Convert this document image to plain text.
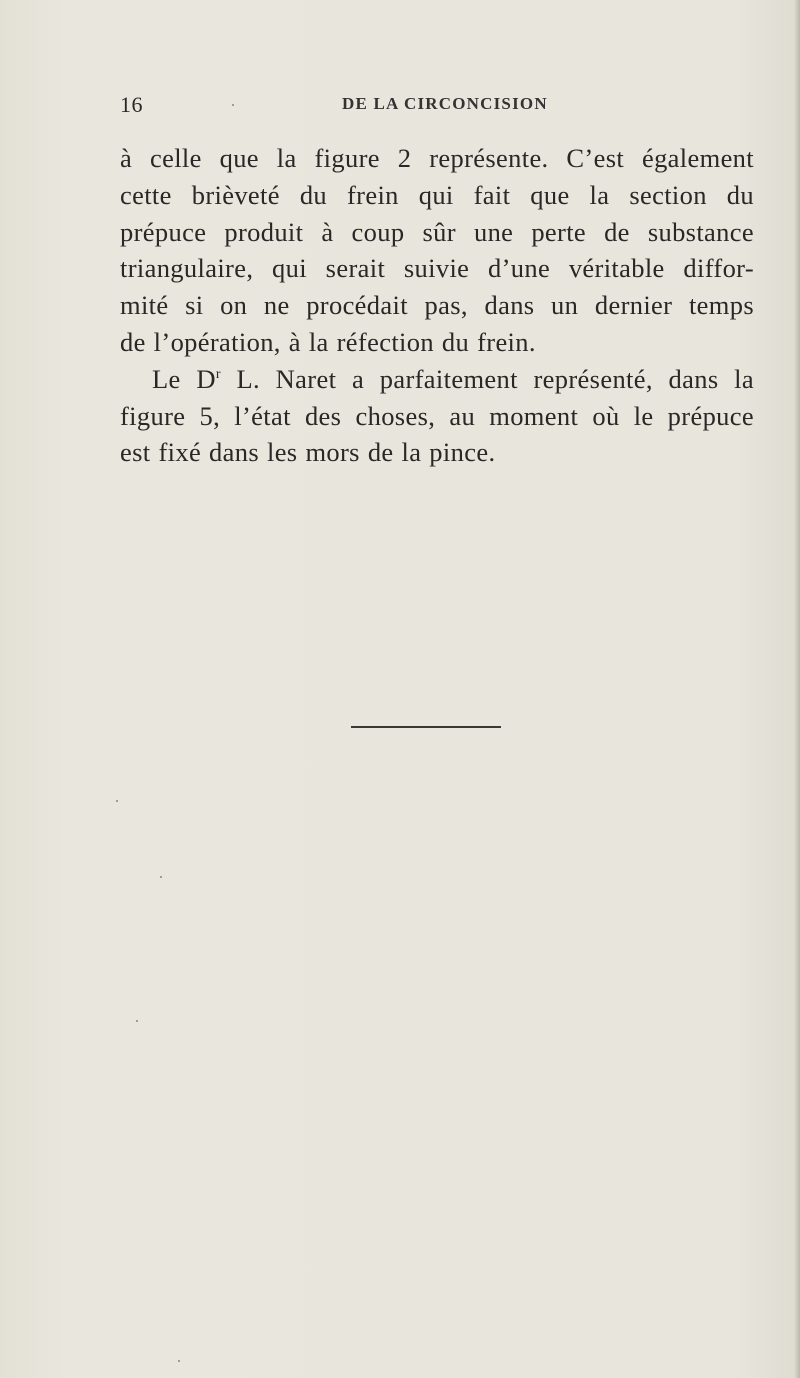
16	DE LA CIRCONCISION
à celle que la figure 2 représente. C’est également
cette brièveté du frein qui fait que la section du
prépuce produit à coup sûr une perte de substance
triangulaire, qui serait suivie d’une véritable diffor-
mité si on ne procédait pas, dans un dernier temps
de l’opération, à la réfection du frein.
Le $D^r$ L. Naret a parfaitement représenté, dans la
figure 5, l’état des choses, au moment où le prépuce
est fixé dans les mors de la pince.
